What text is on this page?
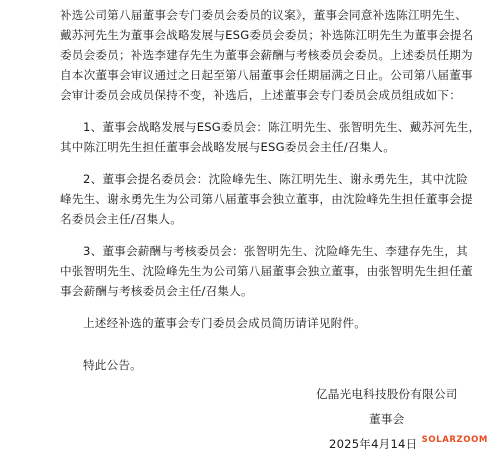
补选公司第八届董事会专门委员会委员的议案》，董事会同意补选陈江明先生、
戴苏河先生为董事会战略发展与ESG委员会委员；补选陈江明先生为董事会提名
委员会委员；补选李建存先生为董事会薪酬与考核委员会委员。上述委员任期为
自本次董事会审议通过之日起至第八届董事会任期届满之日止。公司第八届董事
会审计委员会成员保持不变，补选后，上述董事会专门委员会成员组成如下：

1、董事会战略发展与ESG委员会：陈江明先生、张智明先生、戴苏河先生，
其中陈江明先生担任董事会战略发展与ESG委员会主任/召集人。

2、董事会提名委员会：沈险峰先生、陈江明先生、谢永勇先生，其中沈险
峰先生、谢永勇先生为公司第八届董事会独立董事，由沈险峰先生担任董事会提
名委员会主任/召集人。

3、董事会薪酬与考核委员会：张智明先生、沈险峰先生、李建存先生，其
中张智明先生、沈险峰先生为公司第八届董事会独立董事，由张智明先生担任董
事会薪酬与考核委员会主任/召集人。

上述经补选的董事会专门委员会成员简历请详见附件。

特此公告。

亿晶光电科技股份有限公司
董事会
2025年4月14日 SOLARZOOM
